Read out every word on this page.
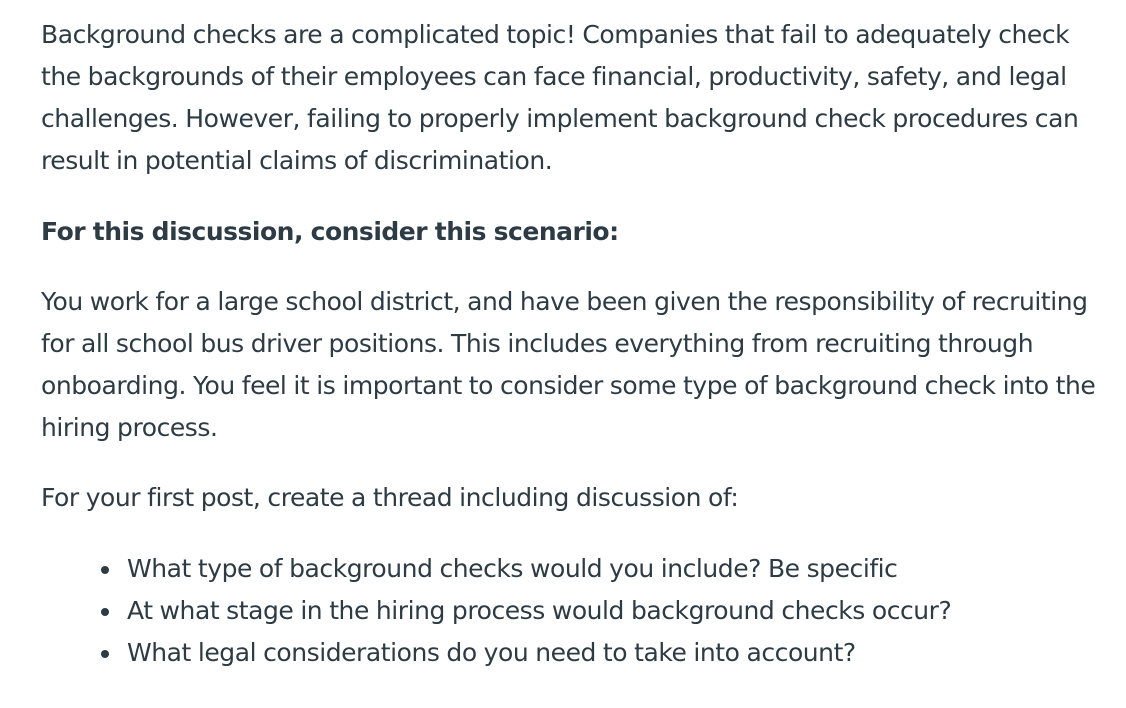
Background checks are a complicated topic! Companies that fail to adequately check the backgrounds of their employees can face financial, productivity, safety, and legal challenges. However, failing to properly implement background check procedures can result in potential claims of discrimination.

For this discussion, consider this scenario:

You work for a large school district, and have been given the responsibility of recruiting for all school bus driver positions. This includes everything from recruiting through onboarding. You feel it is important to consider some type of background check into the hiring process.

For your first post, create a thread including discussion of:

What type of background checks would you include? Be specific
At what stage in the hiring process would background checks occur?
What legal considerations do you need to take into account?
